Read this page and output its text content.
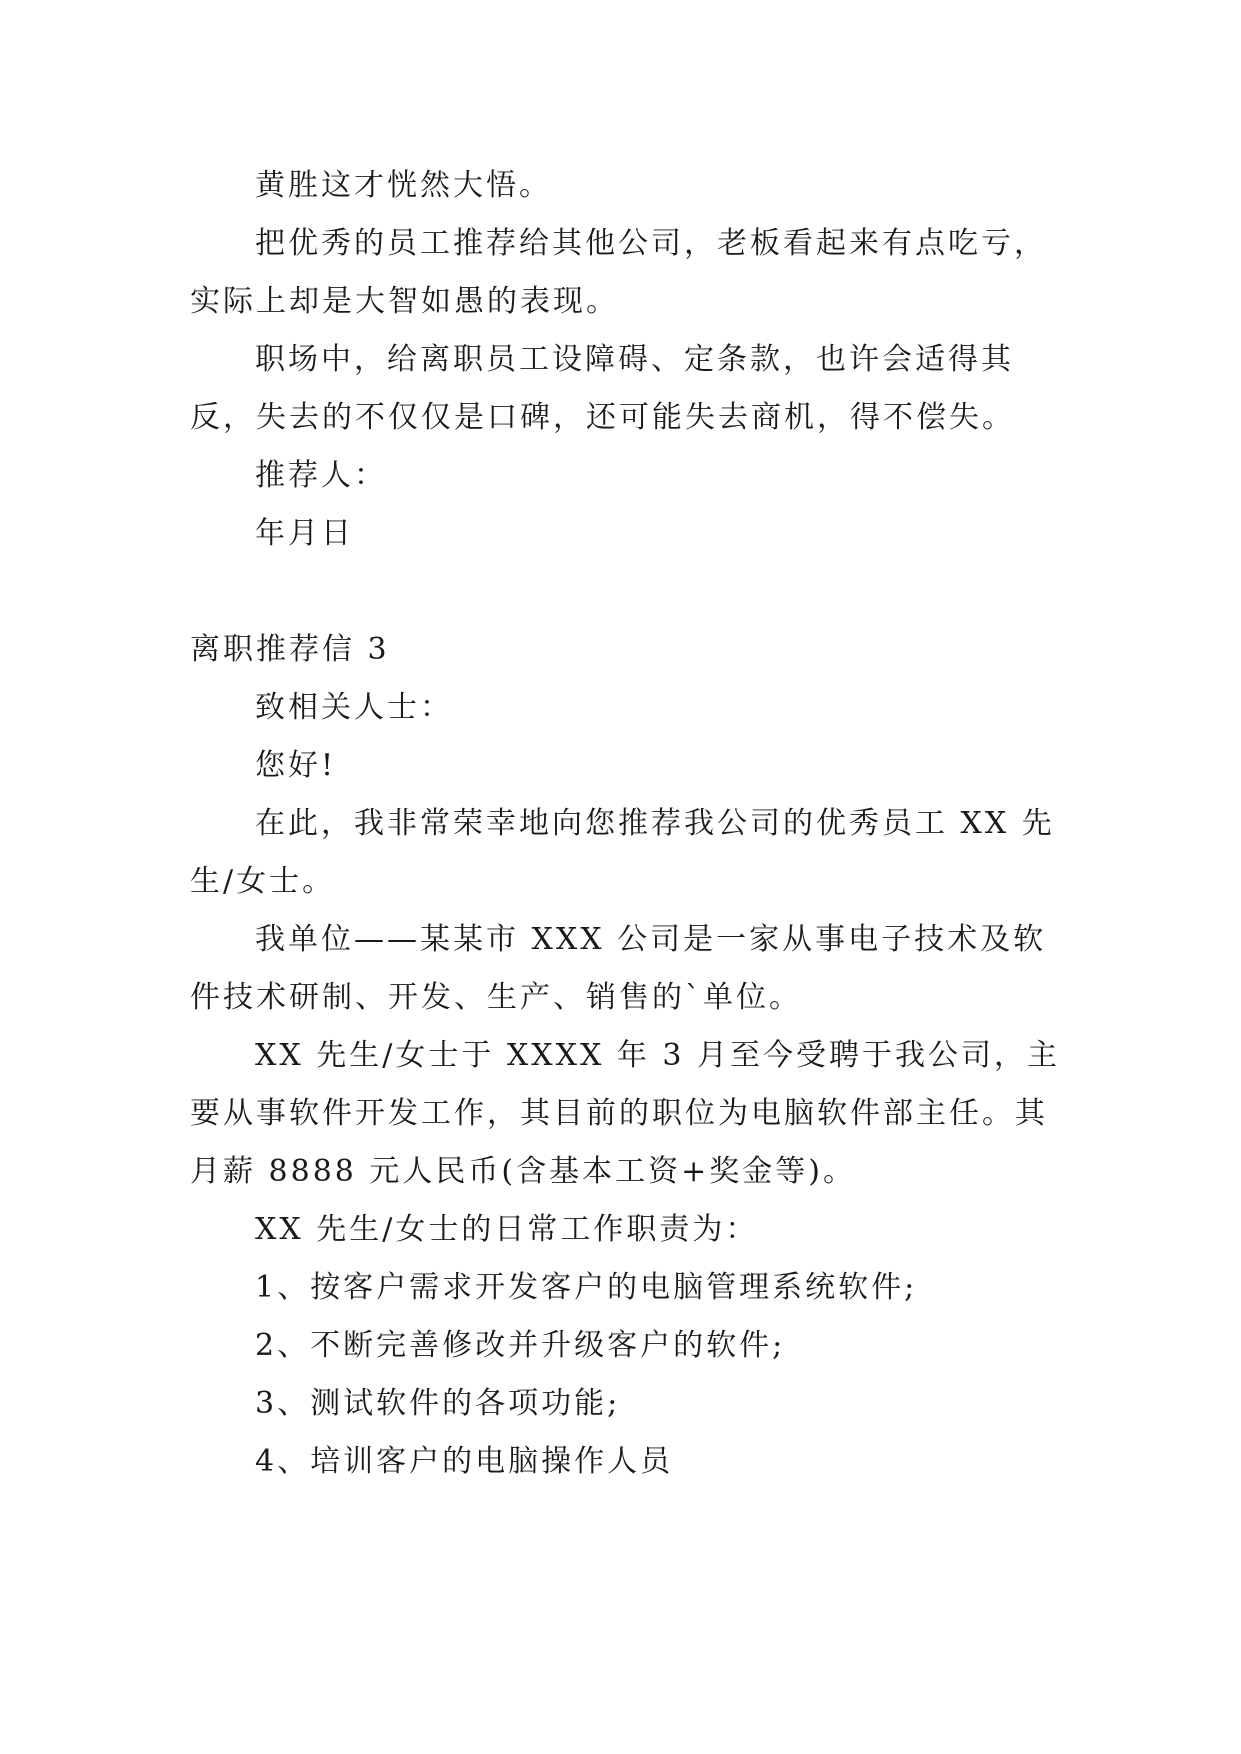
黄胜这才恍然大悟。

把优秀的员工推荐给其他公司，老板看起来有点吃亏，实际上却是大智如愚的表现。

职场中，给离职员工设障碍、定条款，也许会适得其反，失去的不仅仅是口碑，还可能失去商机，得不偿失。

推荐人：

年月日

离职推荐信 3

致相关人士：

您好!

在此，我非常荣幸地向您推荐我公司的优秀员工 XX 先生/女士。

我单位——某某市 XXX 公司是一家从事电子技术及软件技术研制、开发、生产、销售的`单位。

XX 先生/女士于 XXXX 年 3 月至今受聘于我公司，主要从事软件开发工作，其目前的职位为电脑软件部主任。其月薪 8888 元人民币(含基本工资+奖金等)。

XX 先生/女士的日常工作职责为：

1、按客户需求开发客户的电脑管理系统软件;

2、不断完善修改并升级客户的软件;

3、测试软件的各项功能;

4、培训客户的电脑操作人员
